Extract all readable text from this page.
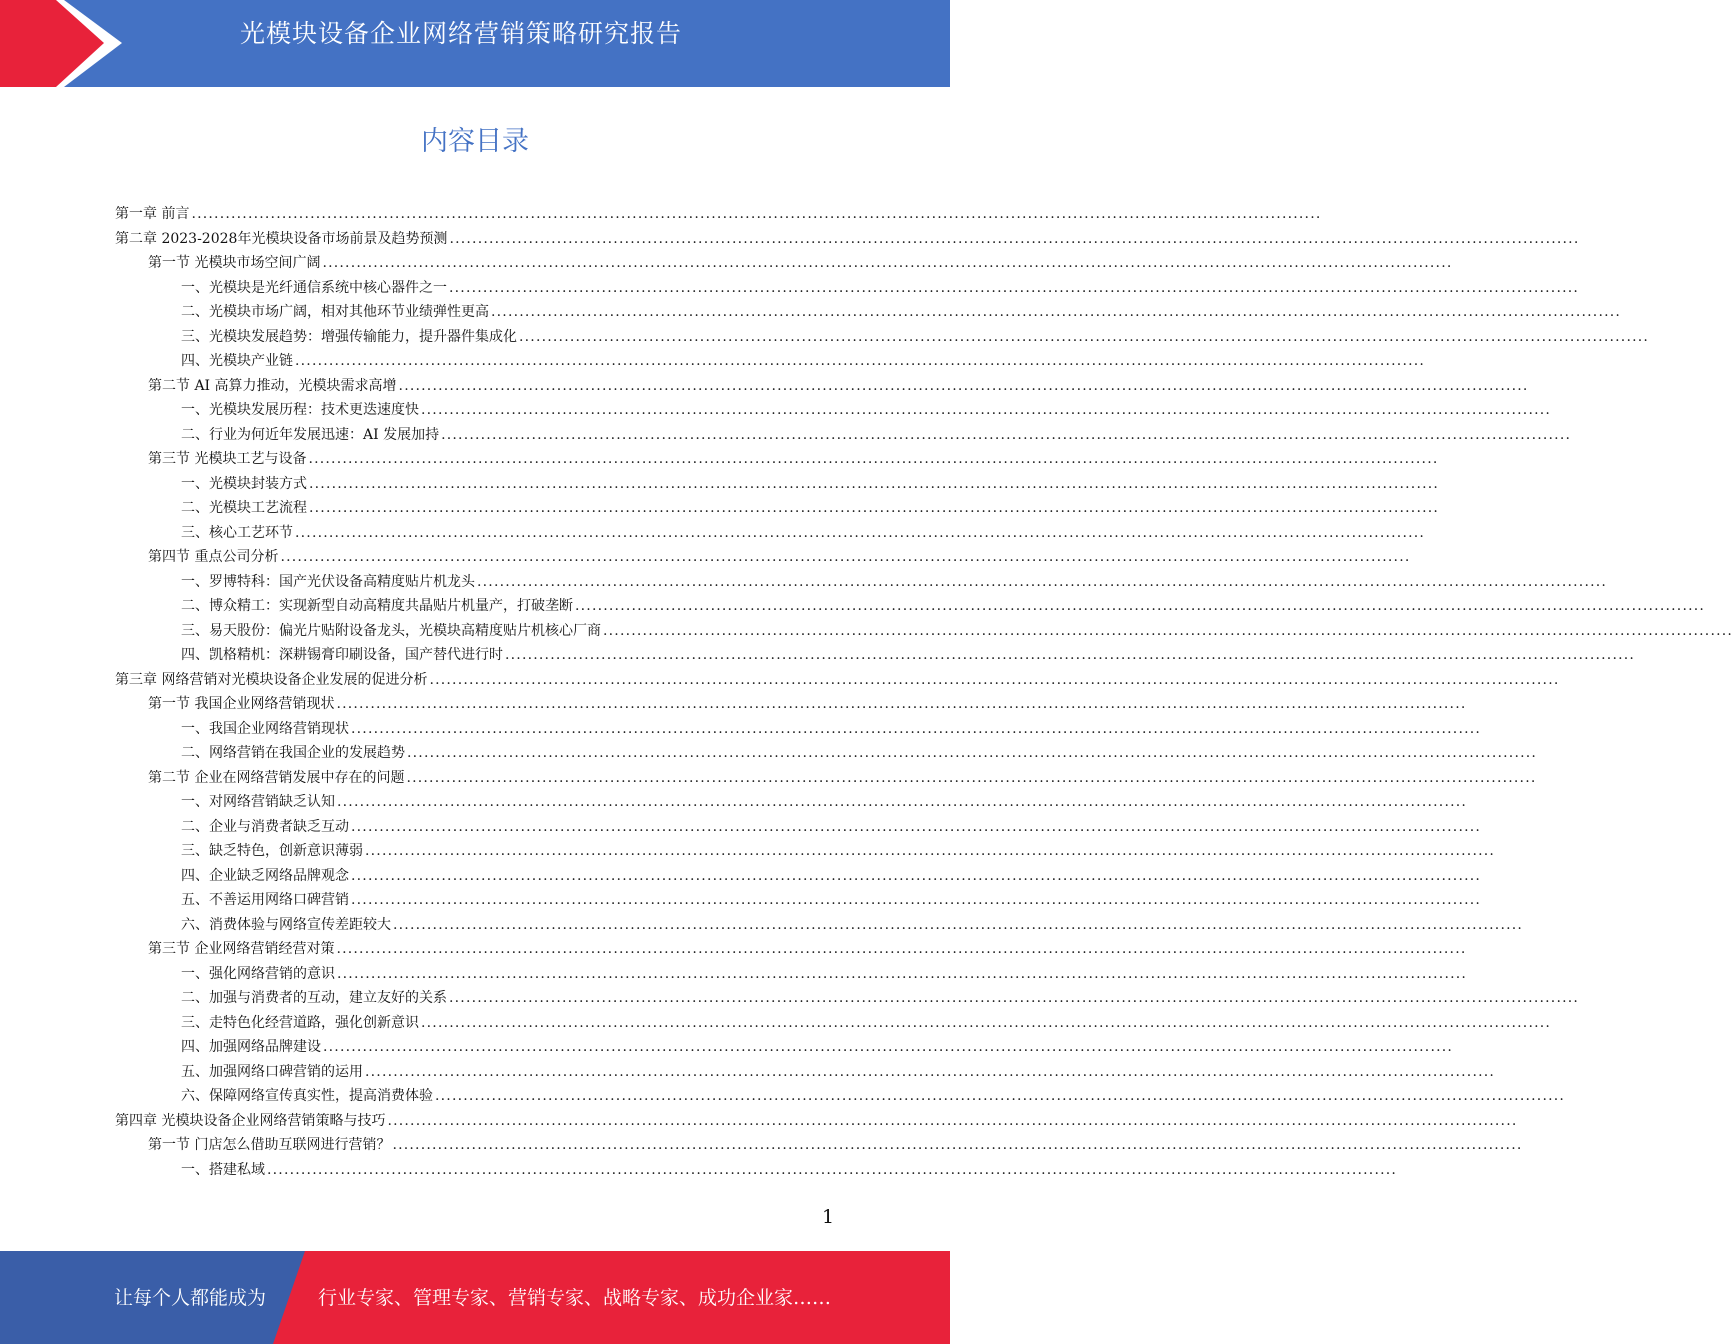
光模块设备企业网络营销策略研究报告
内容目录
第一章 前言 ........................................................................................................................................................................................................
第二章 2023-2028年光模块设备市场前景及趋势预测 ........................................................................................................................................................................................................
第一节 光模块市场空间广阔 ........................................................................................................................................................................................................
一、光模块是光纤通信系统中核心器件之一 ........................................................................................................................................................................................................
二、光模块市场广阔，相对其他环节业绩弹性更高 ........................................................................................................................................................................................................
三、光模块发展趋势：增强传输能力，提升器件集成化 ........................................................................................................................................................................................................
四、光模块产业链 ........................................................................................................................................................................................................
第二节 AI 高算力推动，光模块需求高增 ........................................................................................................................................................................................................
一、光模块发展历程：技术更迭速度快 ........................................................................................................................................................................................................
二、行业为何近年发展迅速：AI 发展加持 ........................................................................................................................................................................................................
第三节 光模块工艺与设备 ........................................................................................................................................................................................................
一、光模块封装方式 ........................................................................................................................................................................................................
二、光模块工艺流程 ........................................................................................................................................................................................................
三、核心工艺环节 ........................................................................................................................................................................................................
第四节 重点公司分析 ........................................................................................................................................................................................................
一、罗博特科：国产光伏设备高精度贴片机龙头 ........................................................................................................................................................................................................
二、博众精工：实现新型自动高精度共晶贴片机量产，打破垄断 ........................................................................................................................................................................................................
三、易天股份：偏光片贴附设备龙头，光模块高精度贴片机核心厂商 ........................................................................................................................................................................................................
四、凯格精机：深耕锡膏印刷设备，国产替代进行时 ........................................................................................................................................................................................................
第三章 网络营销对光模块设备企业发展的促进分析 ........................................................................................................................................................................................................
第一节 我国企业网络营销现状 ........................................................................................................................................................................................................
一、我国企业网络营销现状 ........................................................................................................................................................................................................
二、网络营销在我国企业的发展趋势 ........................................................................................................................................................................................................
第二节 企业在网络营销发展中存在的问题 ........................................................................................................................................................................................................
一、对网络营销缺乏认知 ........................................................................................................................................................................................................
二、企业与消费者缺乏互动 ........................................................................................................................................................................................................
三、缺乏特色，创新意识薄弱 ........................................................................................................................................................................................................
四、企业缺乏网络品牌观念 ........................................................................................................................................................................................................
五、不善运用网络口碑营销 ........................................................................................................................................................................................................
六、消费体验与网络宣传差距较大 ........................................................................................................................................................................................................
第三节 企业网络营销经营对策 ........................................................................................................................................................................................................
一、强化网络营销的意识 ........................................................................................................................................................................................................
二、加强与消费者的互动，建立友好的关系 ........................................................................................................................................................................................................
三、走特色化经营道路，强化创新意识 ........................................................................................................................................................................................................
四、加强网络品牌建设 ........................................................................................................................................................................................................
五、加强网络口碑营销的运用 ........................................................................................................................................................................................................
六、保障网络宣传真实性，提高消费体验 ........................................................................................................................................................................................................
第四章 光模块设备企业网络营销策略与技巧 ........................................................................................................................................................................................................
第一节 门店怎么借助互联网进行营销？ ........................................................................................................................................................................................................
一、搭建私域 ........................................................................................................................................................................................................
1
让每个人都能成为	行业专家、管理专家、营销专家、战略专家、成功企业家……
